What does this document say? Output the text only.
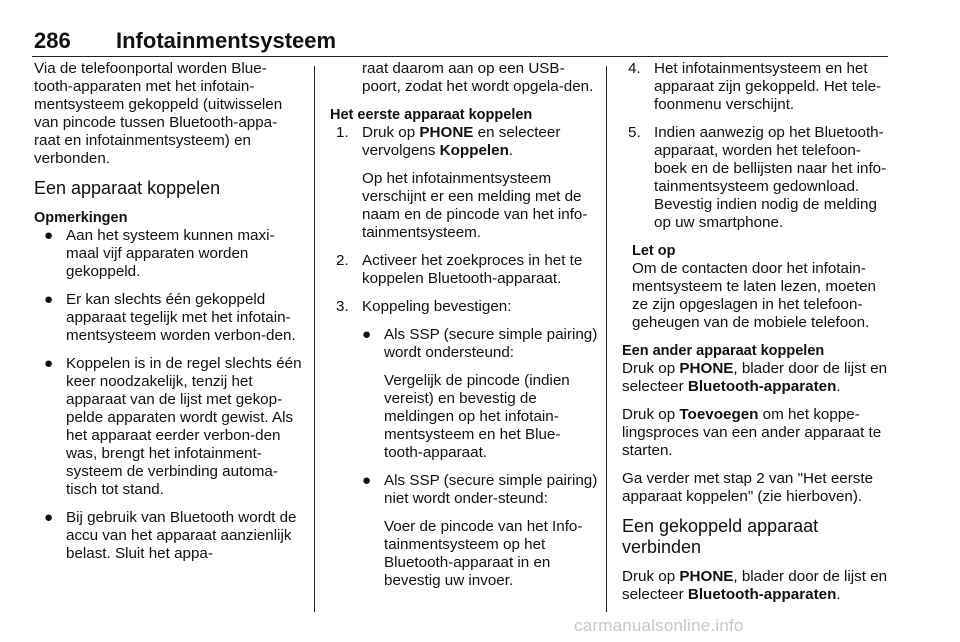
286 Infotainmentsysteem

Via de telefoonportal worden Blue-tooth-apparaten met het infotain-mentsysteem gekoppeld (uitwisselen van pincode tussen Bluetooth-appa-raat en infotainmentsysteem) en verbonden.

Een apparaat koppelen

Opmerkingen

● Aan het systeem kunnen maxi-maal vijf apparaten worden gekoppeld.
● Er kan slechts één gekoppeld apparaat tegelijk met het infotain-mentsysteem worden verbon-den.
● Koppelen is in de regel slechts één keer noodzakelijk, tenzij het apparaat van de lijst met gekop-pelde apparaten wordt gewist. Als het apparaat eerder verbon-den was, brengt het infotainment-systeem de verbinding automa-tisch tot stand.
● Bij gebruik van Bluetooth wordt de accu van het apparaat aanzienlijk belast. Sluit het appa-

raat daarom aan op een USB-poort, zodat het wordt opgela-den.

Het eerste apparaat koppelen

1. Druk op PHONE en selecteer vervolgens Koppelen.

Op het infotainmentsysteem verschijnt er een melding met de naam en de pincode van het info-tainmentsysteem.

2. Activeer het zoekproces in het te koppelen Bluetooth-apparaat.
3. Koppeling bevestigen:
● Als SSP (secure simple pairing) wordt ondersteund:

Vergelijk de pincode (indien vereist) en bevestig de meldingen op het infotain-mentsysteem en het Blue-tooth-apparaat.

● Als SSP (secure simple pairing) niet wordt onder-steund:

Voer de pincode van het Info-tainmentsysteem op het Bluetooth-apparaat in en bevestig uw invoer.

4. Het infotainmentsysteem en het apparaat zijn gekoppeld. Het tele-foonmenu verschijnt.
5. Indien aanwezig op het Bluetooth-apparaat, worden het telefoon-boek en de bellijsten naar het info-tainmentsysteem gedownload. Bevestig indien nodig de melding op uw smartphone.

Let op

Om de contacten door het infotain-mentsysteem te laten lezen, moeten ze zijn opgeslagen in het telefoon-geheugen van de mobiele telefoon.

Een ander apparaat koppelen

Druk op PHONE, blader door de lijst en selecteer Bluetooth-apparaten.

Druk op Toevoegen om het koppe-lingsproces van een ander apparaat te starten.

Ga verder met stap 2 van "Het eerste apparaat koppelen" (zie hierboven).

Een gekoppeld apparaat verbinden

Druk op PHONE, blader door de lijst en selecteer Bluetooth-apparaten.

carmanualsonline.info
